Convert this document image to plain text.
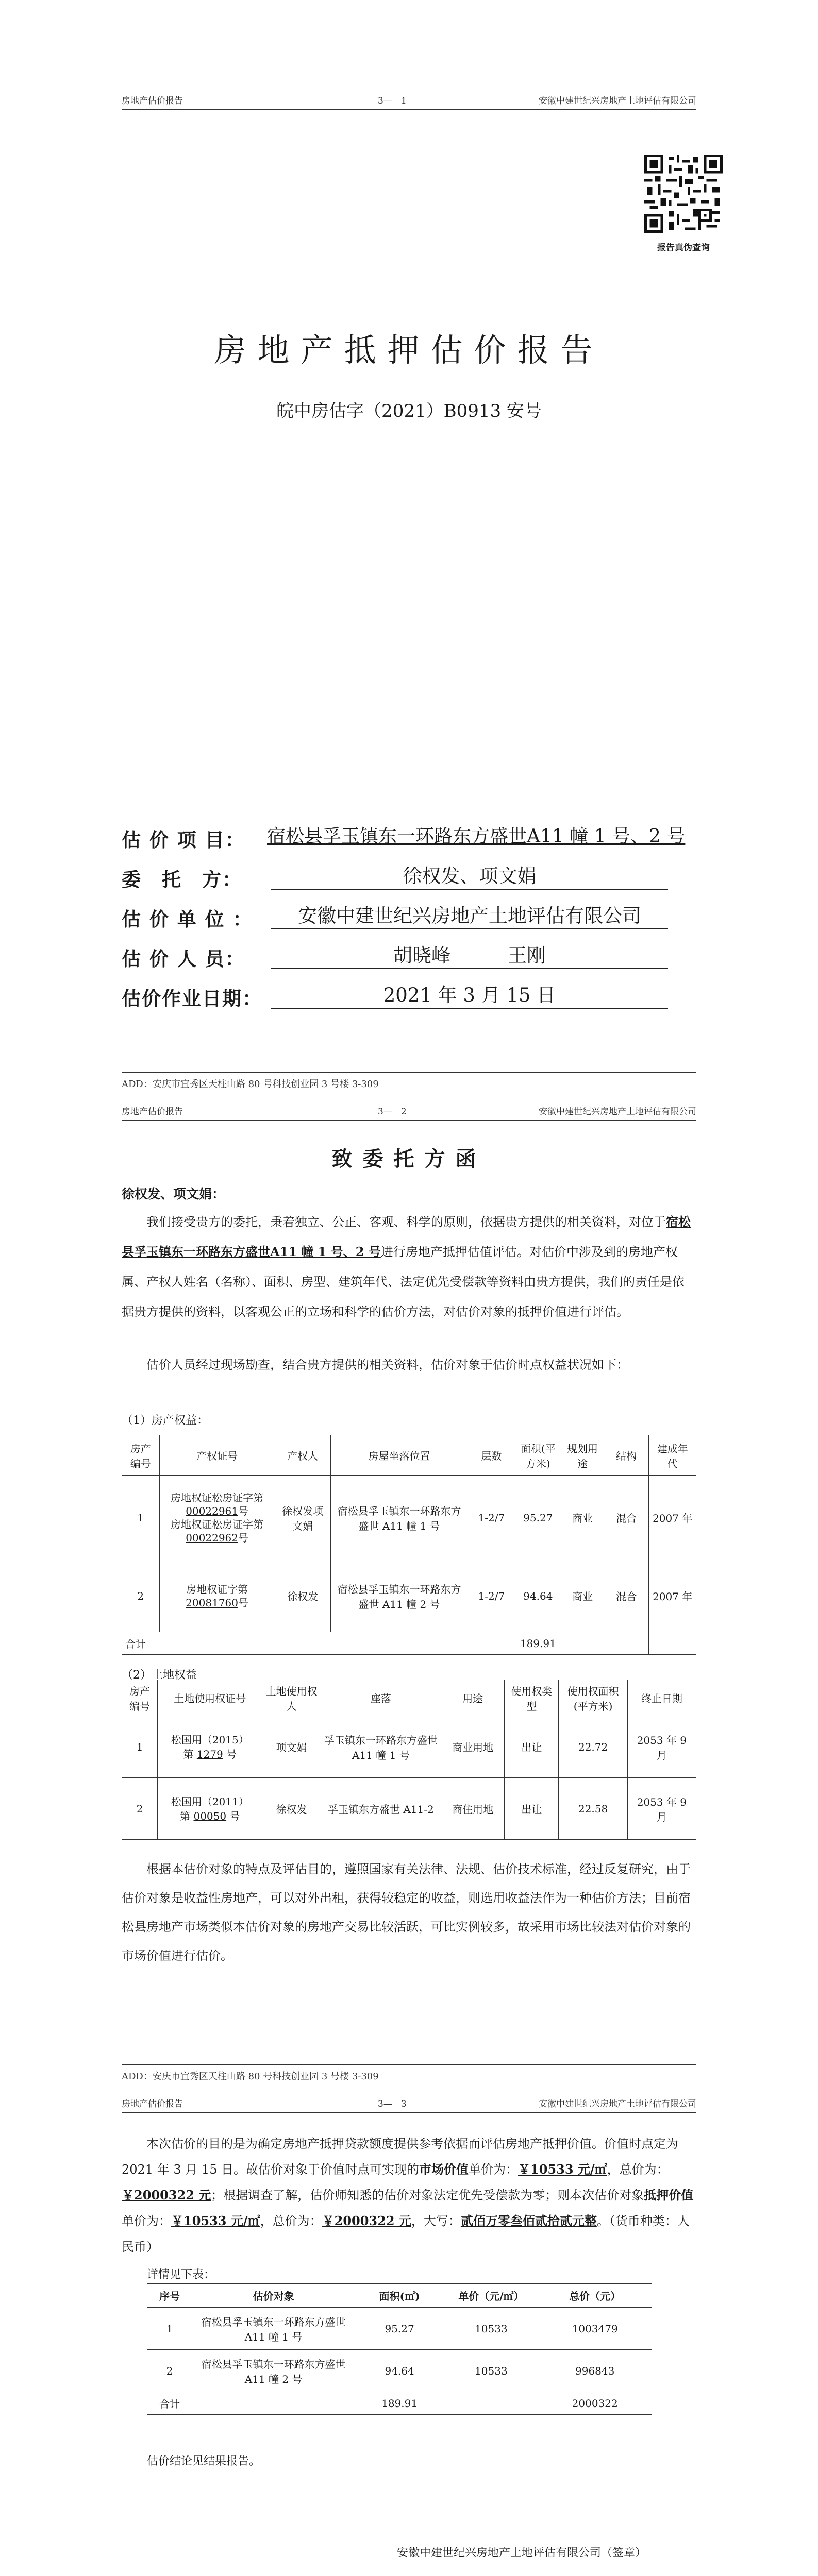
房地产估价报告	3—　1	安徽中建世纪兴房地产土地评估有限公司
报告真伪查询
房地产抵押估价报告
皖中房估字（2021）B0913 安号
估 价 项 目： 宿松县孚玉镇东一环路东方盛世A11 幢 1 号、2 号
委　托　方：	徐权发、项文娟
估 价 单 位 ：	安徽中建世纪兴房地产土地评估有限公司
估 价 人 员：	胡晓峰　　　王刚
估价作业日期：	2021 年 3 月 15 日
ADD：安庆市宜秀区天柱山路 80 号科技创业园 3 号楼 3-309
房地产估价报告	3—　2	安徽中建世纪兴房地产土地评估有限公司
致委托方函
徐权发、项文娟：
我们接受贵方的委托，秉着独立、公正、客观、科学的原则，依据贵方提供的相关资料，对位于宿松县孚玉镇东一环路东方盛世A11 幢 1 号、2 号进行房地产抵押估值评估。对估价中涉及到的房地产权属、产权人姓名（名称）、面积、房型、建筑年代、法定优先受偿款等资料由贵方提供，我们的责任是依据贵方提供的资料，以客观公正的立场和科学的估价方法，对估价对象的抵押价值进行评估。
估价人员经过现场勘查，结合贵方提供的相关资料，估价对象于估价时点权益状况如下：
（1）房产权益：
房产编号	产权证号	产权人	房屋坐落位置	层数	面积(平方米)	规划用途	结构	建成年代
1	房地权证松房证字第
00022961号
房地权证松房证字第
00022962号	徐权发项文娟	宿松县孚玉镇东一环路东方盛世 A11 幢 1 号	1-2/7	95.27	商业	混合	2007 年
2	房地权证字第
20081760号	徐权发	宿松县孚玉镇东一环路东方盛世 A11 幢 2 号	1-2/7	94.64	商业	混合	2007 年
合计					189.91			
（2）土地权益
房产编号	土地使用权证号	土地使用权人	座落	用途	使用权类型	使用权面积(平方米)	终止日期
1	松国用（2015）
第 1279 号	项文娟	孚玉镇东一环路东方盛世 A11 幢 1 号	商业用地	出让	22.72	2053 年 9 月
2	松国用（2011）
第 00050 号	徐权发	孚玉镇东方盛世 A11-2	商住用地	出让	22.58	2053 年 9 月
根据本估价对象的特点及评估目的，遵照国家有关法律、法规、估价技术标准，经过反复研究，由于估价对象是收益性房地产，可以对外出租，获得较稳定的收益，则选用收益法作为一种估价方法；目前宿松县房地产市场类似本估价对象的房地产交易比较活跃，可比实例较多，故采用市场比较法对估价对象的市场价值进行估价。
ADD：安庆市宜秀区天柱山路 80 号科技创业园 3 号楼 3-309
房地产估价报告	3—　3	安徽中建世纪兴房地产土地评估有限公司
本次估价的目的是为确定房地产抵押贷款额度提供参考依据而评估房地产抵押价值。价值时点定为 2021 年 3 月 15 日。故估价对象于价值时点可实现的市场价值单价为：￥10533 元/㎡，总价为：￥2000322 元；根据调查了解，估价师知悉的估价对象法定优先受偿款为零；则本次估价对象抵押价值单价为：￥10533 元/㎡，总价为：￥2000322 元，大写：贰佰万零叁佰贰拾贰元整。（货币种类：人民币）
详情见下表：
序号	估价对象	面积(㎡)	单价（元/㎡）	总价（元）
1	宿松县孚玉镇东一环路东方盛世 A11 幢 1 号	95.27	10533	1003479
2	宿松县孚玉镇东一环路东方盛世 A11 幢 2 号	94.64	10533	996843
合计		189.91		2000322
估价结论见结果报告。
安徽中建世纪兴房地产土地评估有限公司（签章）
